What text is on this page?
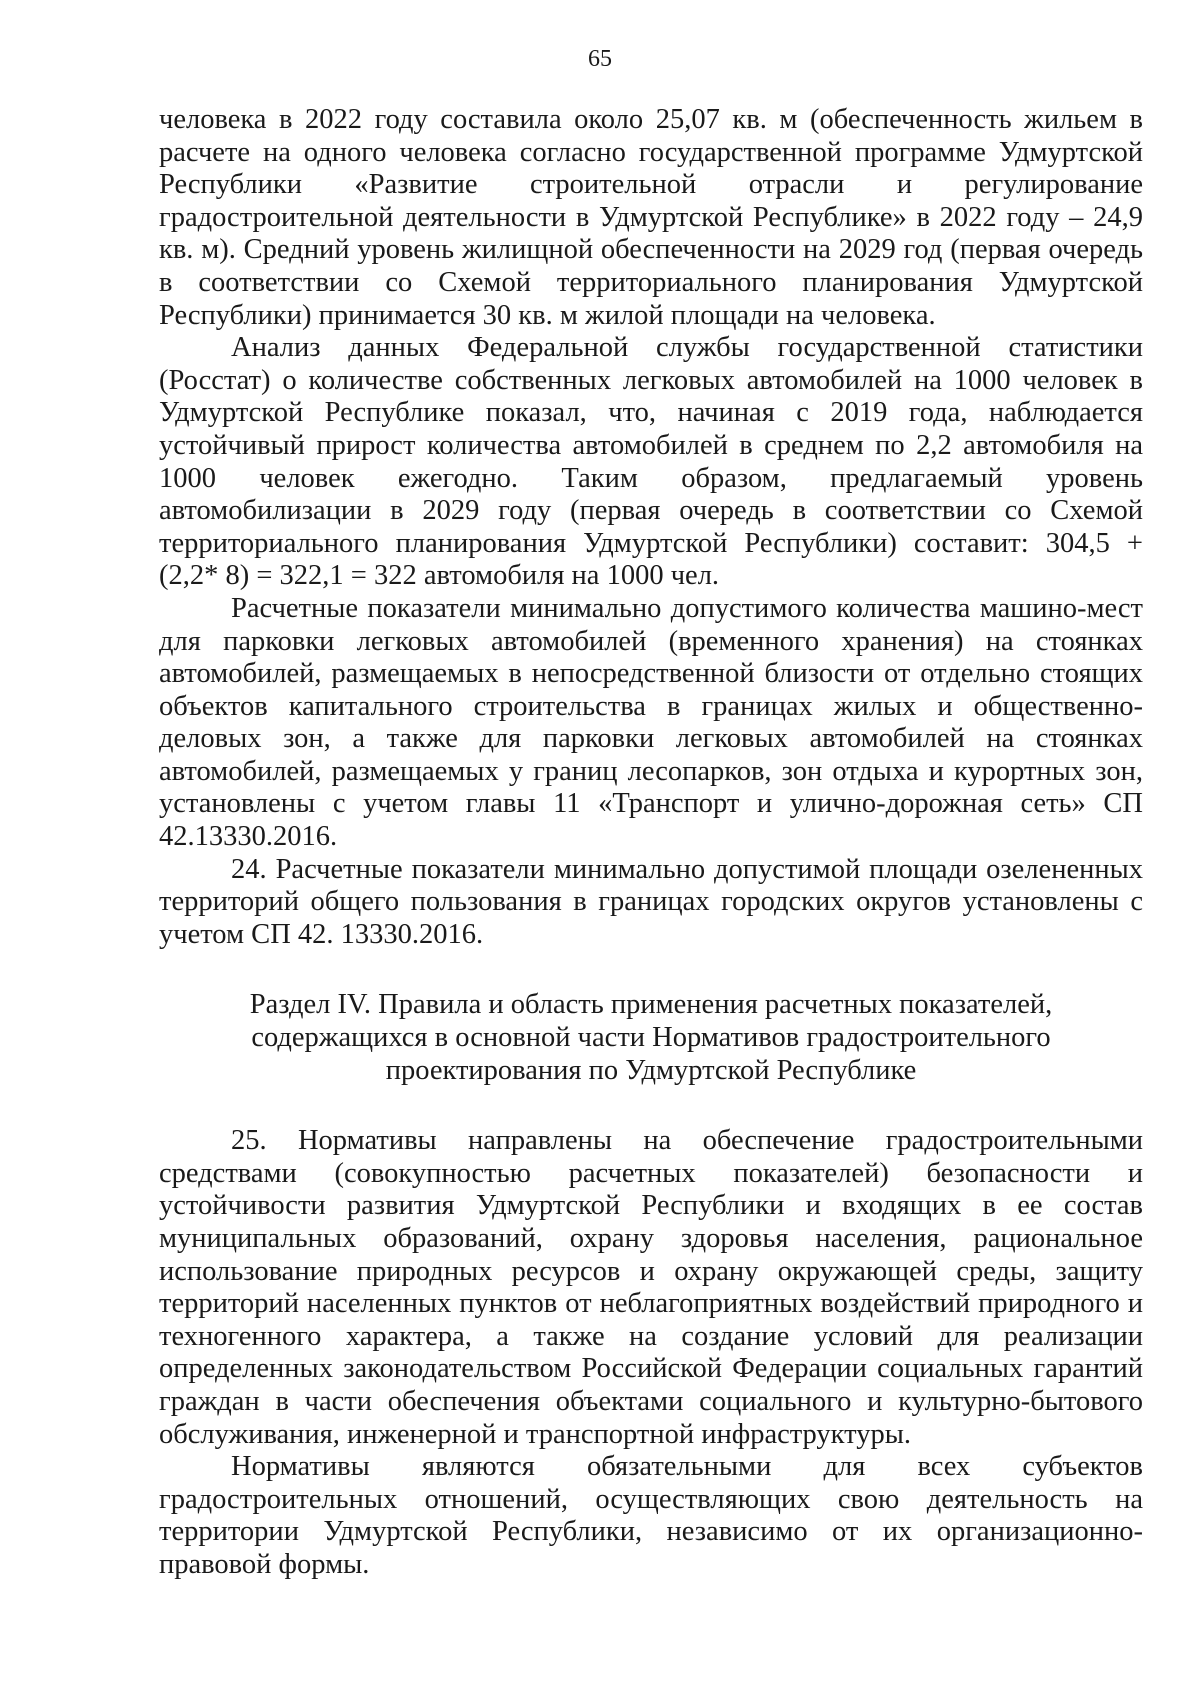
65

человека в 2022 году составила около 25,07 кв. м (обеспеченность жильем в расчете на одного человека согласно государственной программе Удмуртской Республики «Развитие строительной отрасли и регулирование градостроительной деятельности в Удмуртской Республике» в 2022 году – 24,9 кв. м). Средний уровень жилищной обеспеченности на 2029 год (первая очередь в соответствии со Схемой территориального планирования Удмуртской Республики) принимается 30 кв. м жилой площади на человека.

Анализ данных Федеральной службы государственной статистики (Росстат) о количестве собственных легковых автомобилей на 1000 человек в Удмуртской Республике показал, что, начиная с 2019 года, наблюдается устойчивый прирост количества автомобилей в среднем по 2,2 автомобиля на 1000 человек ежегодно. Таким образом, предлагаемый уровень автомобилизации в 2029 году (первая очередь в соответствии со Схемой территориального планирования Удмуртской Республики) составит: 304,5 + (2,2* 8) = 322,1 = 322 автомобиля на 1000 чел.

Расчетные показатели минимально допустимого количества машино-мест для парковки легковых автомобилей (временного хранения) на стоянках автомобилей, размещаемых в непосредственной близости от отдельно стоящих объектов капитального строительства в границах жилых и общественно-деловых зон, а также для парковки легковых автомобилей на стоянках автомобилей, размещаемых у границ лесопарков, зон отдыха и курортных зон, установлены с учетом главы 11 «Транспорт и улично-дорожная сеть» СП 42.13330.2016.

24. Расчетные показатели минимально допустимой площади озелененных территорий общего пользования в границах городских округов установлены с учетом СП 42. 13330.2016.

Раздел IV. Правила и область применения расчетных показателей, содержащихся в основной части Нормативов градостроительного проектирования по Удмуртской Республике

25. Нормативы направлены на обеспечение градостроительными средствами (совокупностью расчетных показателей) безопасности и устойчивости развития Удмуртской Республики и входящих в ее состав муниципальных образований, охрану здоровья населения, рациональное использование природных ресурсов и охрану окружающей среды, защиту территорий населенных пунктов от неблагоприятных воздействий природного и техногенного характера, а также на создание условий для реализации определенных законодательством Российской Федерации социальных гарантий граждан в части обеспечения объектами социального и культурно-бытового обслуживания, инженерной и транспортной инфраструктуры.

Нормативы являются обязательными для всех субъектов градостроительных отношений, осуществляющих свою деятельность на территории Удмуртской Республики, независимо от их организационно-правовой формы.
